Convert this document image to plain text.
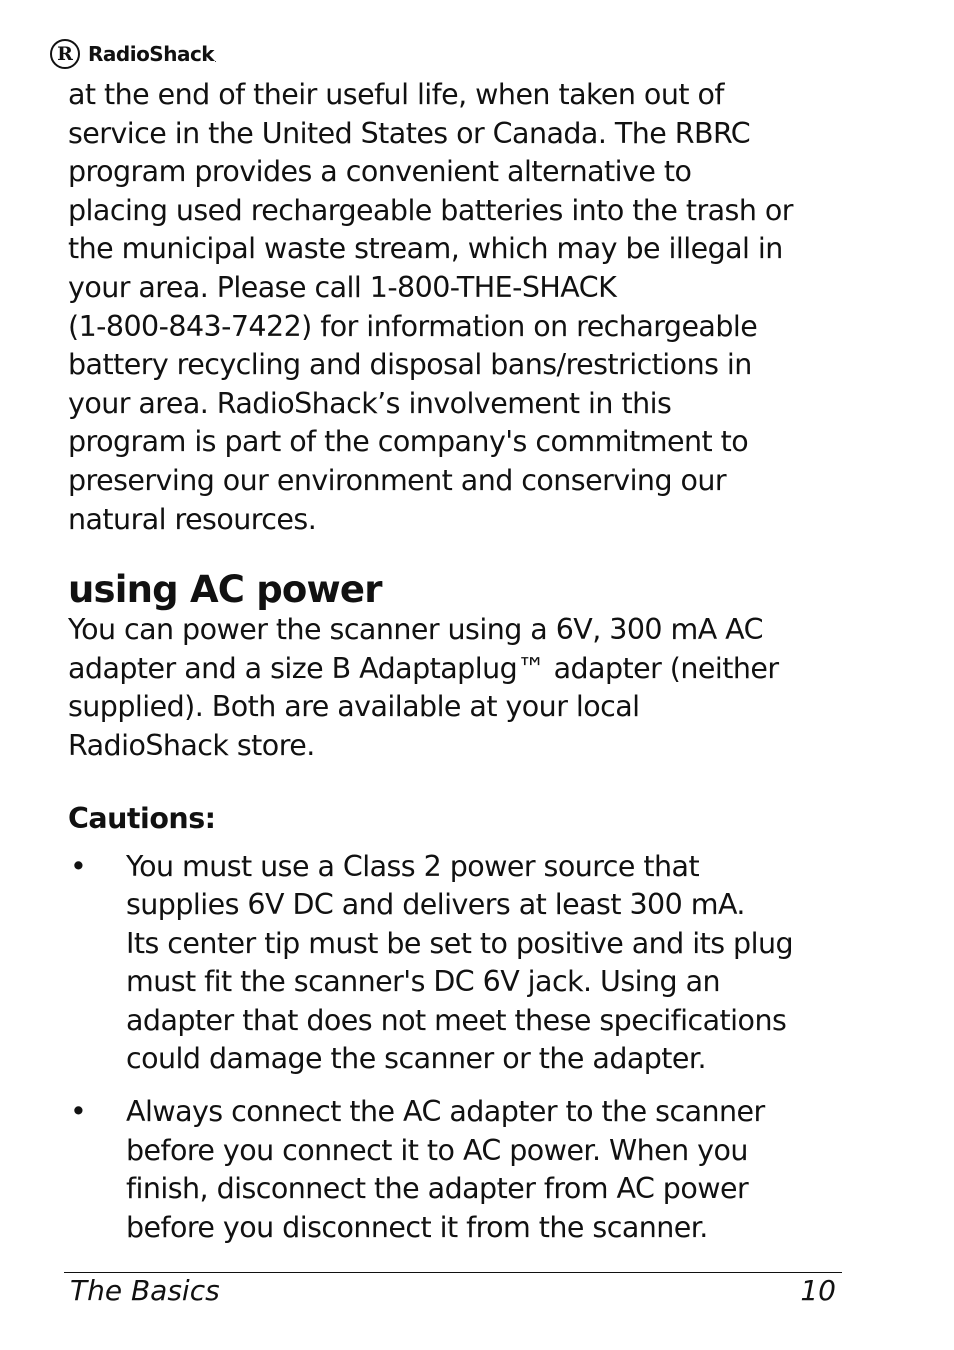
R RadioShack.

at the end of their useful life, when taken out of
service in the United States or Canada. The RBRC
program provides a convenient alternative to
placing used rechargeable batteries into the trash or
the municipal waste stream, which may be illegal in
your area. Please call 1-800-THE-SHACK
(1-800-843-7422) for information on rechargeable
battery recycling and disposal bans/restrictions in
your area. RadioShack’s involvement in this
program is part of the company's commitment to
preserving our environment and conserving our
natural resources.

using AC power

You can power the scanner using a 6V, 300 mA AC
adapter and a size B Adaptaplug™ adapter (neither
supplied). Both are available at your local
RadioShack store.

Cautions:
•	You must use a Class 2 power source that
supplies 6V DC and delivers at least 300 mA.
Its center tip must be set to positive and its plug
must fit the scanner's DC 6V jack. Using an
adapter that does not meet these specifications
could damage the scanner or the adapter.
•	Always connect the AC adapter to the scanner
before you connect it to AC power. When you
finish, disconnect the adapter from AC power
before you disconnect it from the scanner.
The Basics	10
